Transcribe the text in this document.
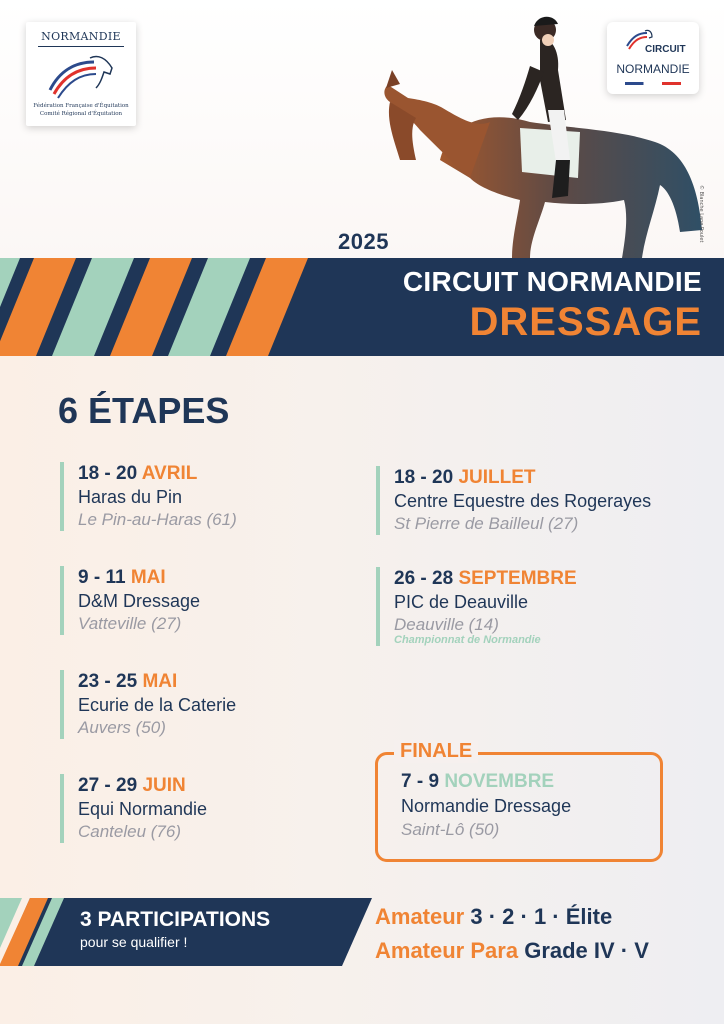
NORMANDIE
Fédération Française d'Équitation
Comité Régional d'Équitation
CIRCUIT
NORMANDIE
© Blanche Lane Poulet
2025
CIRCUIT NORMANDIE
DRESSAGE
6 ÉTAPES
18 - 20 AVRIL
Haras du Pin
Le Pin-au-Haras (61)
9 - 11 MAI
D&M Dressage
Vatteville (27)
23 - 25 MAI
Ecurie de la Caterie
Auvers (50)
27 - 29 JUIN
Equi Normandie
Canteleu (76)
18 - 20 JUILLET
Centre Equestre des Rogerayes
St Pierre de Bailleul (27)
26 - 28 SEPTEMBRE
PIC de Deauville
Deauville (14)
Championnat de Normandie
FINALE
7 - 9 NOVEMBRE
Normandie Dressage
Saint-Lô (50)
3 PARTICIPATIONS
pour se qualifier !
Amateur 3 · 2 · 1 · Élite
Amateur Para Grade IV · V
